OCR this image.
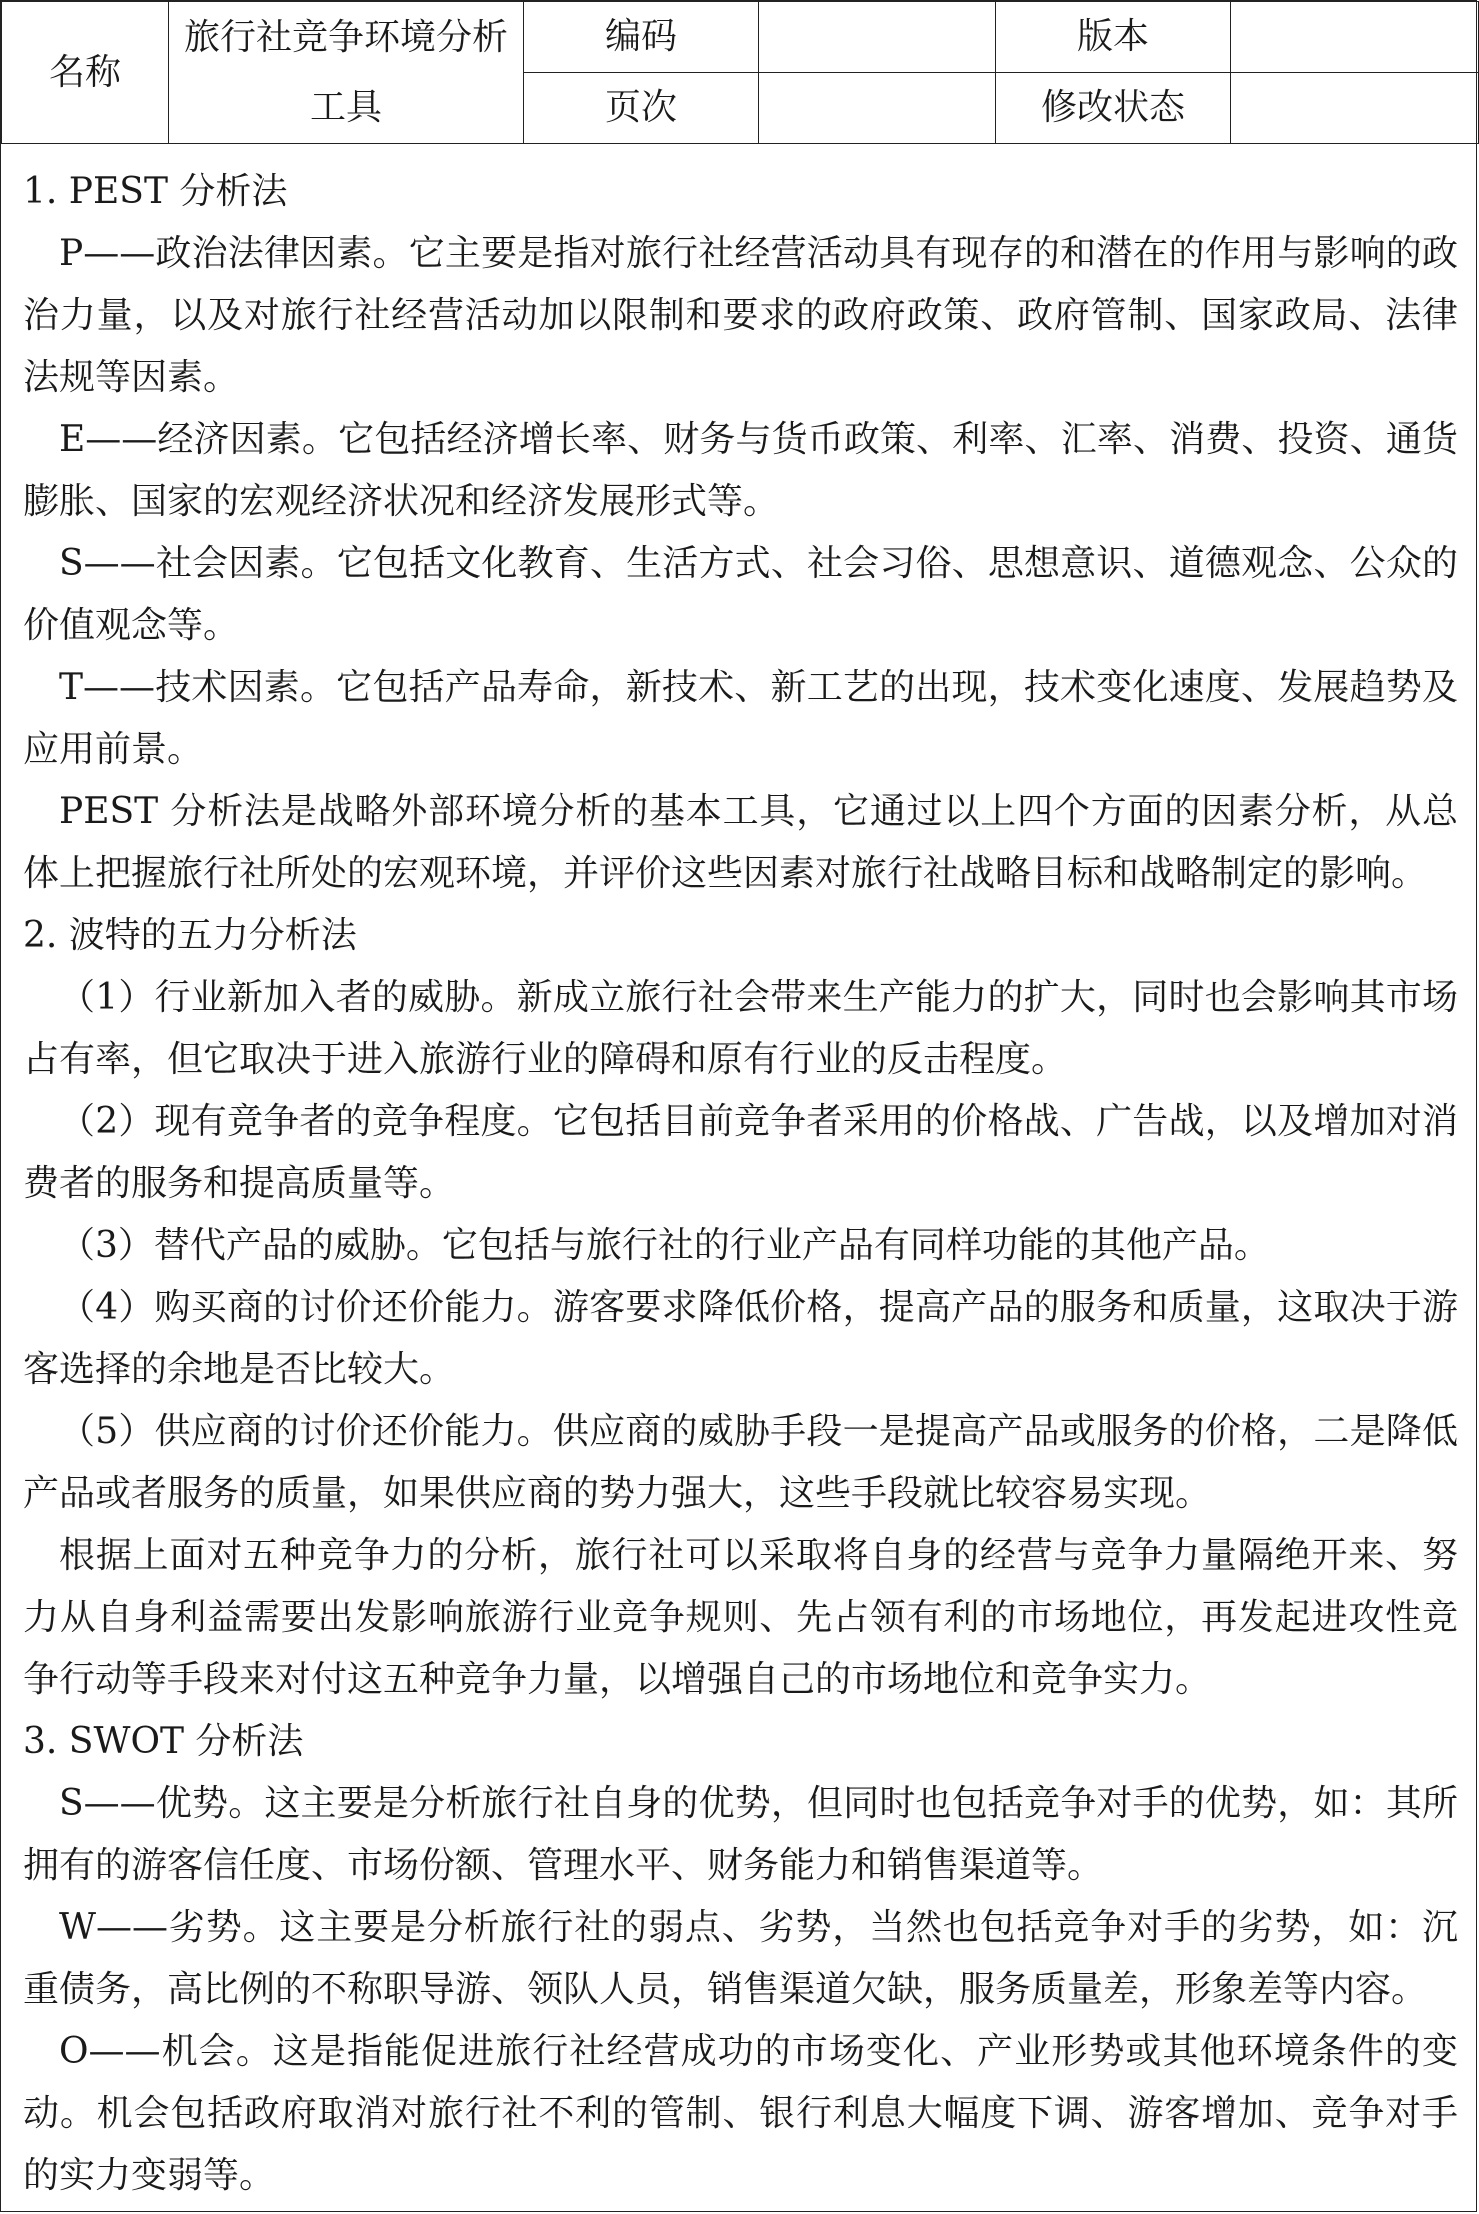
名称	旅行社竞争环境分析工具	编码		版本	
		页次		修改状态	

1. PEST 分析法

P——政治法律因素。它主要是指对旅行社经营活动具有现存的和潜在的作用与影响的政治力量，以及对旅行社经营活动加以限制和要求的政府政策、政府管制、国家政局、法律法规等因素。

E——经济因素。它包括经济增长率、财务与货币政策、利率、汇率、消费、投资、通货膨胀、国家的宏观经济状况和经济发展形式等。

S——社会因素。它包括文化教育、生活方式、社会习俗、思想意识、道德观念、公众的价值观念等。

T——技术因素。它包括产品寿命，新技术、新工艺的出现，技术变化速度、发展趋势及应用前景。

PEST 分析法是战略外部环境分析的基本工具，它通过以上四个方面的因素分析，从总体上把握旅行社所处的宏观环境，并评价这些因素对旅行社战略目标和战略制定的影响。

2. 波特的五力分析法

（1）行业新加入者的威胁。新成立旅行社会带来生产能力的扩大，同时也会影响其市场占有率，但它取决于进入旅游行业的障碍和原有行业的反击程度。

（2）现有竞争者的竞争程度。它包括目前竞争者采用的价格战、广告战，以及增加对消费者的服务和提高质量等。

（3）替代产品的威胁。它包括与旅行社的行业产品有同样功能的其他产品。

（4）购买商的讨价还价能力。游客要求降低价格，提高产品的服务和质量，这取决于游客选择的余地是否比较大。

（5）供应商的讨价还价能力。供应商的威胁手段一是提高产品或服务的价格，二是降低产品或者服务的质量，如果供应商的势力强大，这些手段就比较容易实现。

根据上面对五种竞争力的分析，旅行社可以采取将自身的经营与竞争力量隔绝开来、努力从自身利益需要出发影响旅游行业竞争规则、先占领有利的市场地位，再发起进攻性竞争行动等手段来对付这五种竞争力量，以增强自己的市场地位和竞争实力。

3. SWOT 分析法

S——优势。这主要是分析旅行社自身的优势，但同时也包括竞争对手的优势，如：其所拥有的游客信任度、市场份额、管理水平、财务能力和销售渠道等。

W——劣势。这主要是分析旅行社的弱点、劣势，当然也包括竞争对手的劣势，如：沉重债务，高比例的不称职导游、领队人员，销售渠道欠缺，服务质量差，形象差等内容。

O——机会。这是指能促进旅行社经营成功的市场变化、产业形势或其他环境条件的变动。机会包括政府取消对旅行社不利的管制、银行利息大幅度下调、游客增加、竞争对手的实力变弱等。
